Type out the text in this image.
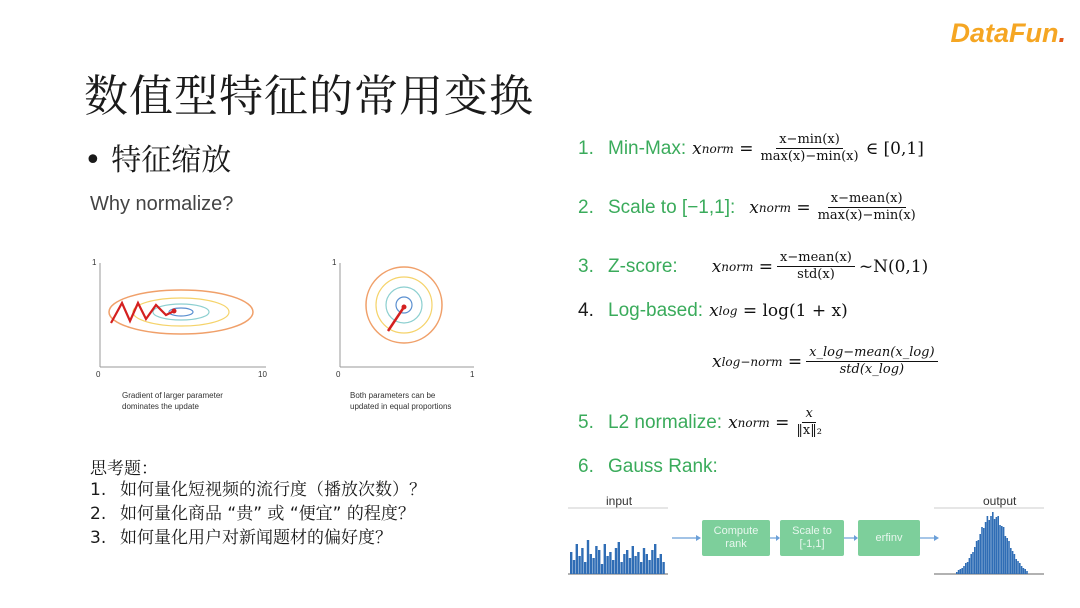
DataFun.
数值型特征的常用变换
• 特征缩放
Why normalize?
1
0	10
1
0	1
Gradient of larger parameter
dominates the update
Both parameters can be
updated in equal proportions
思考题：
1. 如何量化短视频的流行度（播放次数）？
2. 如何量化商品 “贵” 或 “便宜” 的程度？
3. 如何量化用户对新闻题材的偏好度？
1. Min-Max: x norm = $\frac{x-\min(x)}{\max(x)-\min(x)}$ ∈ [0,1]
2. Scale to [−1,1]: x norm = $\frac{\text{x−mean(x)}}{\max(x)-\min(x)}$
3. Z-score: x norm = $\frac{\text{x−mean(x)}}{\text{std(x)}}$ ~N(0,1)
4. Log-based: x log
= log(1 + x)
x log−norm = $\frac{\text{x\_log−mean(x\_log)}}{\text{std(x\_log)}}$
5. L2 normalize: x norm = $\frac{x}{\text{‖x‖₂}}$
6. Gauss Rank:
input	output
Compute rank
Scale to [-1,1]
erfinv
